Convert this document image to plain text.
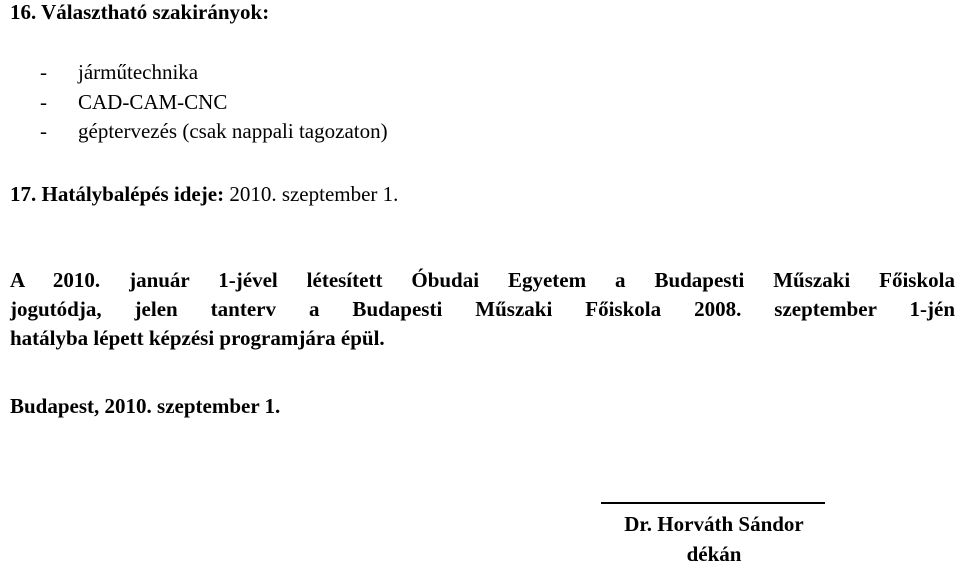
16. Választható szakirányok:
- járműtechnika
- CAD-CAM-CNC
- géptervezés (csak nappali tagozaton)
17. Hatálybalépés ideje: 2010. szeptember 1.
A 2010. január 1-jével létesített Óbudai Egyetem a Budapesti Műszaki Főiskola
jogutódja, jelen tanterv a Budapesti Műszaki Főiskola 2008. szeptember 1-jén
hatályba lépett képzési programjára épül.
Budapest, 2010. szeptember 1.
Dr. Horváth Sándor
dékán
